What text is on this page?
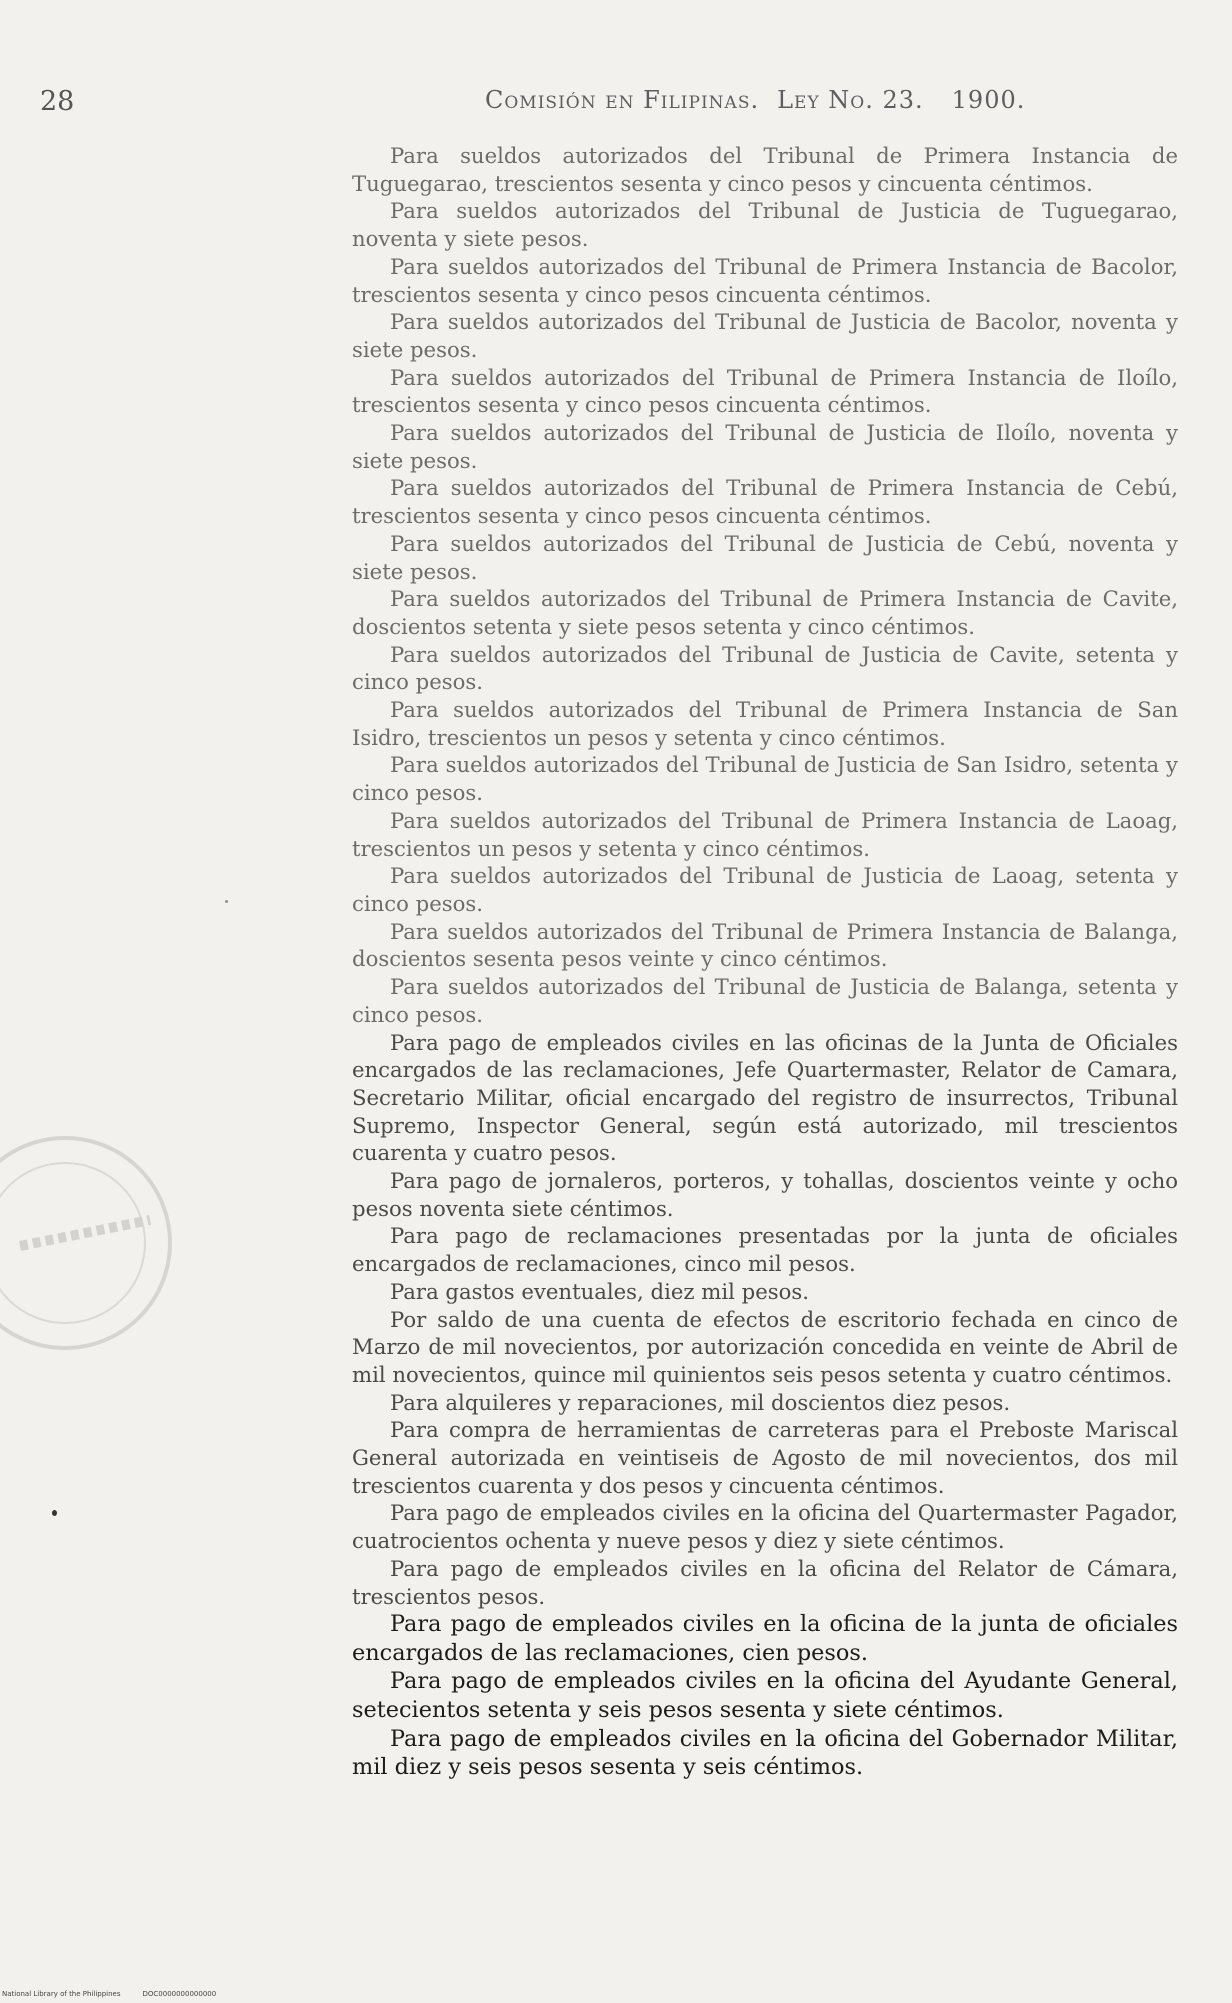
28	Comisión en Filipinas. Ley No. 23. 1900.

Para sueldos autorizados del Tribunal de Primera Instancia de Tuguegarao, trescientos sesenta y cinco pesos y cincuenta céntimos.

Para sueldos autorizados del Tribunal de Justicia de Tuguegarao, noventa y siete pesos.

Para sueldos autorizados del Tribunal de Primera Instancia de Bacolor, trescientos sesenta y cinco pesos cincuenta céntimos.

Para sueldos autorizados del Tribunal de Justicia de Bacolor, noventa y siete pesos.

Para sueldos autorizados del Tribunal de Primera Instancia de Iloílo, trescientos sesenta y cinco pesos cincuenta céntimos.

Para sueldos autorizados del Tribunal de Justicia de Iloílo, noventa y siete pesos.

Para sueldos autorizados del Tribunal de Primera Instancia de Cebú, trescientos sesenta y cinco pesos cincuenta céntimos.

Para sueldos autorizados del Tribunal de Justicia de Cebú, noventa y siete pesos.

Para sueldos autorizados del Tribunal de Primera Instancia de Cavite, doscientos setenta y siete pesos setenta y cinco céntimos.

Para sueldos autorizados del Tribunal de Justicia de Cavite, setenta y cinco pesos.

Para sueldos autorizados del Tribunal de Primera Instancia de San Isidro, trescientos un pesos y setenta y cinco céntimos.

Para sueldos autorizados del Tribunal de Justicia de San Isidro, setenta y cinco pesos.

Para sueldos autorizados del Tribunal de Primera Instancia de Laoag, trescientos un pesos y setenta y cinco céntimos.

Para sueldos autorizados del Tribunal de Justicia de Laoag, setenta y cinco pesos.

Para sueldos autorizados del Tribunal de Primera Instancia de Balanga, doscientos sesenta pesos veinte y cinco céntimos.

Para sueldos autorizados del Tribunal de Justicia de Balanga, setenta y cinco pesos.

Para pago de empleados civiles en las oficinas de la Junta de Oficiales encargados de las reclamaciones, Jefe Quartermaster, Relator de Camara, Secretario Militar, oficial encargado del registro de insurrectos, Tribunal Supremo, Inspector General, según está autorizado, mil trescientos cuarenta y cuatro pesos.

Para pago de jornaleros, porteros, y tohallas, doscientos veinte y ocho pesos noventa siete céntimos.

Para pago de reclamaciones presentadas por la junta de oficiales encargados de reclamaciones, cinco mil pesos.

Para gastos eventuales, diez mil pesos.

Por saldo de una cuenta de efectos de escritorio fechada en cinco de Marzo de mil novecientos, por autorización concedida en veinte de Abril de mil novecientos, quince mil quinientos seis pesos setenta y cuatro céntimos.

Para alquileres y reparaciones, mil doscientos diez pesos.

Para compra de herramientas de carreteras para el Preboste Mariscal General autorizada en veintiseis de Agosto de mil novecientos, dos mil trescientos cuarenta y dos pesos y cincuenta céntimos.

Para pago de empleados civiles en la oficina del Quartermaster Pagador, cuatrocientos ochenta y nueve pesos y diez y siete céntimos.

Para pago de empleados civiles en la oficina del Relator de Cámara, trescientos pesos.

Para pago de empleados civiles en la oficina de la junta de oficiales encargados de las reclamaciones, cien pesos.

Para pago de empleados civiles en la oficina del Ayudante General, setecientos setenta y seis pesos sesenta y siete céntimos.

Para pago de empleados civiles en la oficina del Gobernador Militar, mil diez y seis pesos sesenta y seis céntimos.

National Library of the Philippines	DOC0000000000000
